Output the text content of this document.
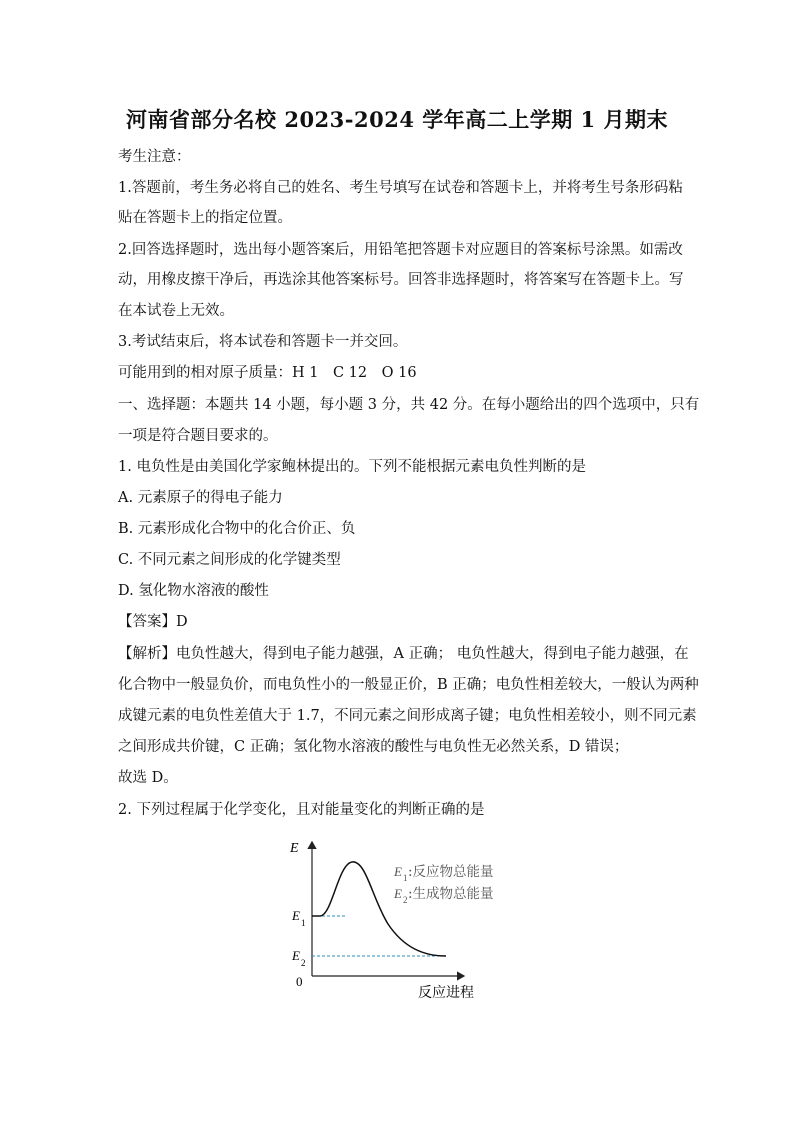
河南省部分名校 2023-2024 学年高二上学期 1 月期末
考生注意：
1.答题前，考生务必将自己的姓名、考生号填写在试卷和答题卡上，并将考生号条形码粘
贴在答题卡上的指定位置。
2.回答选择题时，选出每小题答案后，用铅笔把答题卡对应题目的答案标号涂黑。如需改
动，用橡皮擦干净后，再选涂其他答案标号。回答非选择题时，将答案写在答题卡上。写
在本试卷上无效。
3.考试结束后，将本试卷和答题卡一并交回。
可能用到的相对原子质量：H 1　C 12　O 16
一、选择题：本题共 14 小题，每小题 3 分，共 42 分。在每小题给出的四个选项中，只有
一项是符合题目要求的。
1. 电负性是由美国化学家鲍林提出的。下列不能根据元素电负性判断的是
A. 元素原子的得电子能力
B. 元素形成化合物中的化合价正、负
C. 不同元素之间形成的化学键类型
D. 氢化物水溶液的酸性
【答案】D
【解析】电负性越大，得到电子能力越强，A 正确； 电负性越大，得到电子能力越强，在
化合物中一般显负价，而电负性小的一般显正价，B 正确；电负性相差较大，一般认为两种
成键元素的电负性差值大于 1.7，不同元素之间形成离子键；电负性相差较小，则不同元素
之间形成共价键，C 正确；氢化物水溶液的酸性与电负性无必然关系，D 错误；
故选 D。
2. 下列过程属于化学变化，且对能量变化的判断正确的是
E
E 1
E 2
0
反应进程
E 1 :反应物总能量
E 2 :生成物总能量
